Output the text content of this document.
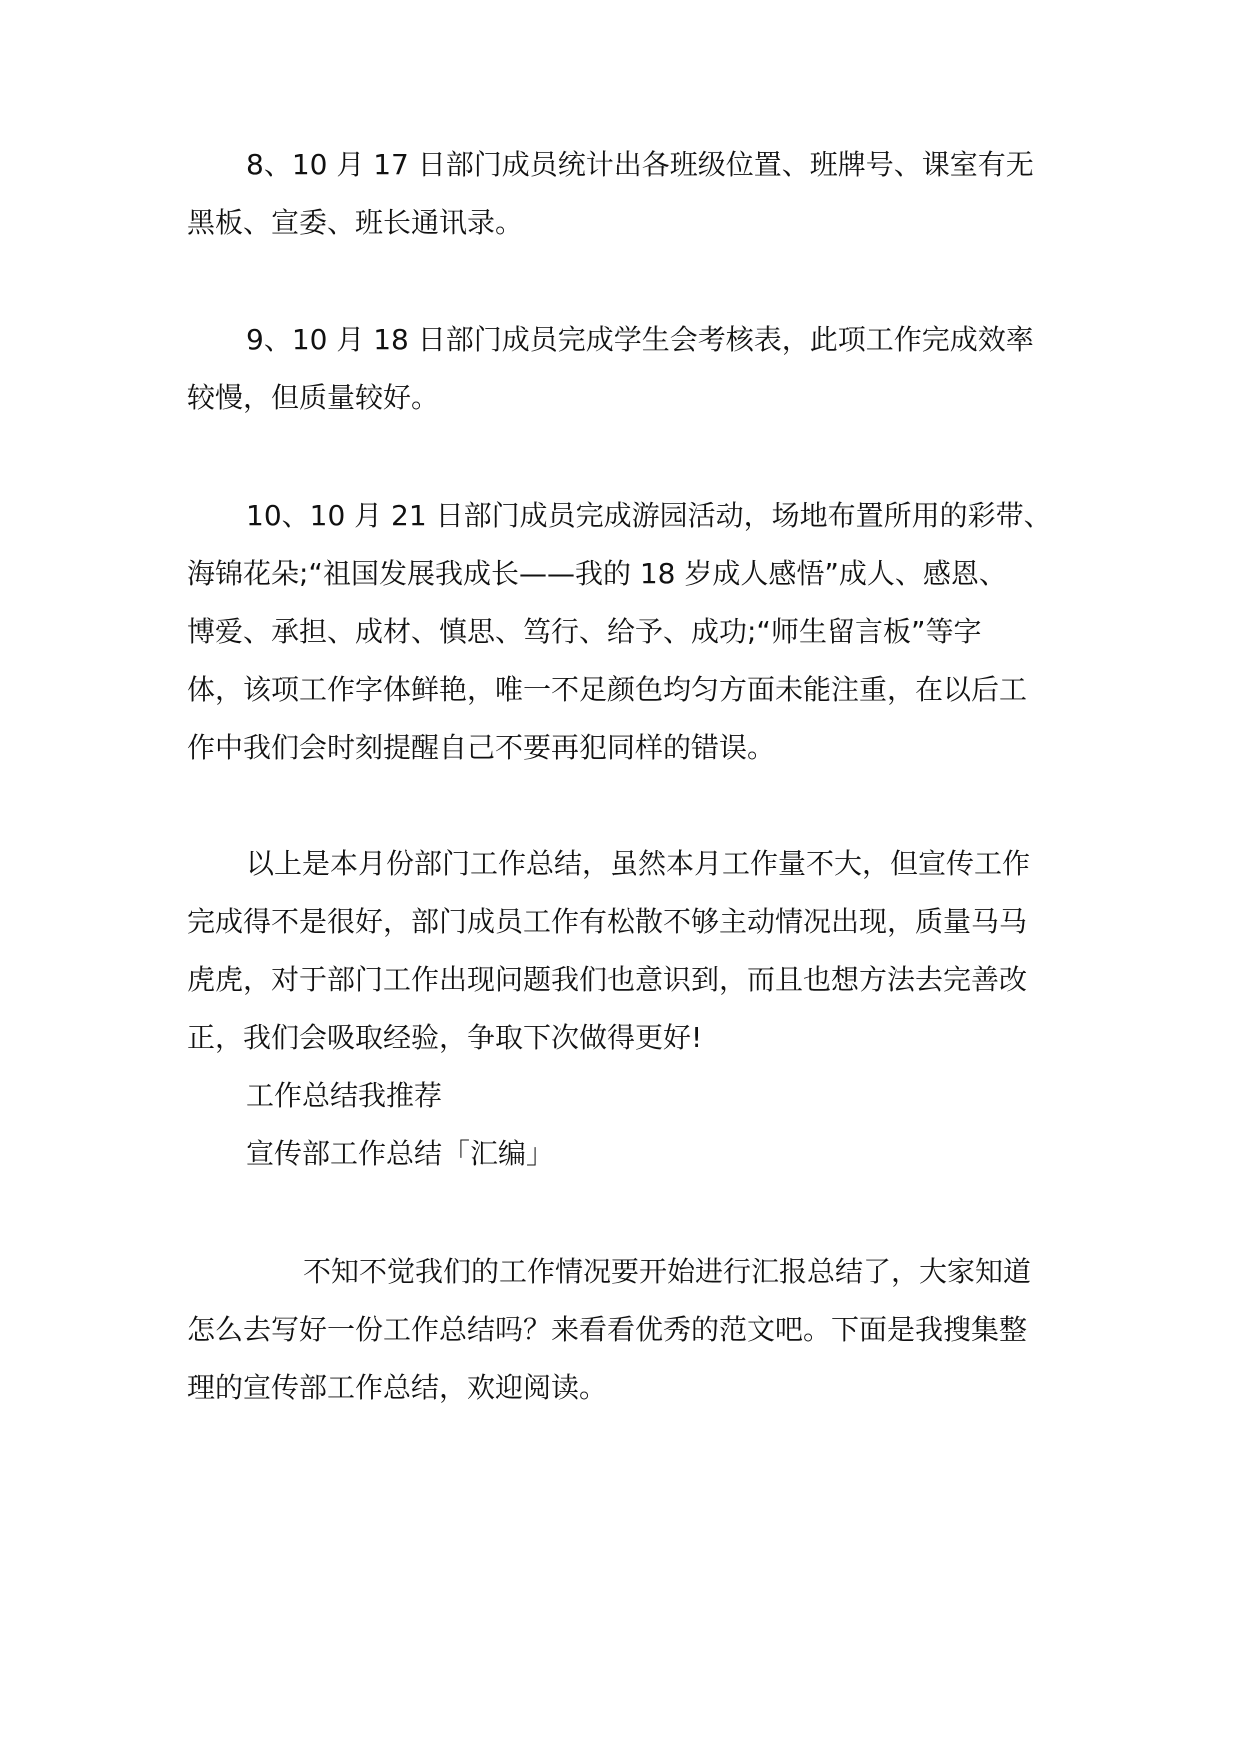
8、10 月 17 日部门成员统计出各班级位置、班牌号、课室有无
黑板、宣委、班长通讯录。
9、10 月 18 日部门成员完成学生会考核表，此项工作完成效率
较慢，但质量较好。
10、10 月 21 日部门成员完成游园活动，场地布置所用的彩带、
海锦花朵;“祖国发展我成长——我的 18 岁成人感悟”成人、感恩、
博爱、承担、成材、慎思、笃行、给予、成功;“师生留言板”等字
体，该项工作字体鲜艳，唯一不足颜色均匀方面未能注重，在以后工
作中我们会时刻提醒自己不要再犯同样的错误。
以上是本月份部门工作总结，虽然本月工作量不大，但宣传工作
完成得不是很好，部门成员工作有松散不够主动情况出现，质量马马
虎虎，对于部门工作出现问题我们也意识到，而且也想方法去完善改
正，我们会吸取经验，争取下次做得更好!
工作总结我推荐
宣传部工作总结「汇编」
不知不觉我们的工作情况要开始进行汇报总结了，大家知道
怎么去写好一份工作总结吗？来看看优秀的范文吧。下面是我搜集整
理的宣传部工作总结，欢迎阅读。
